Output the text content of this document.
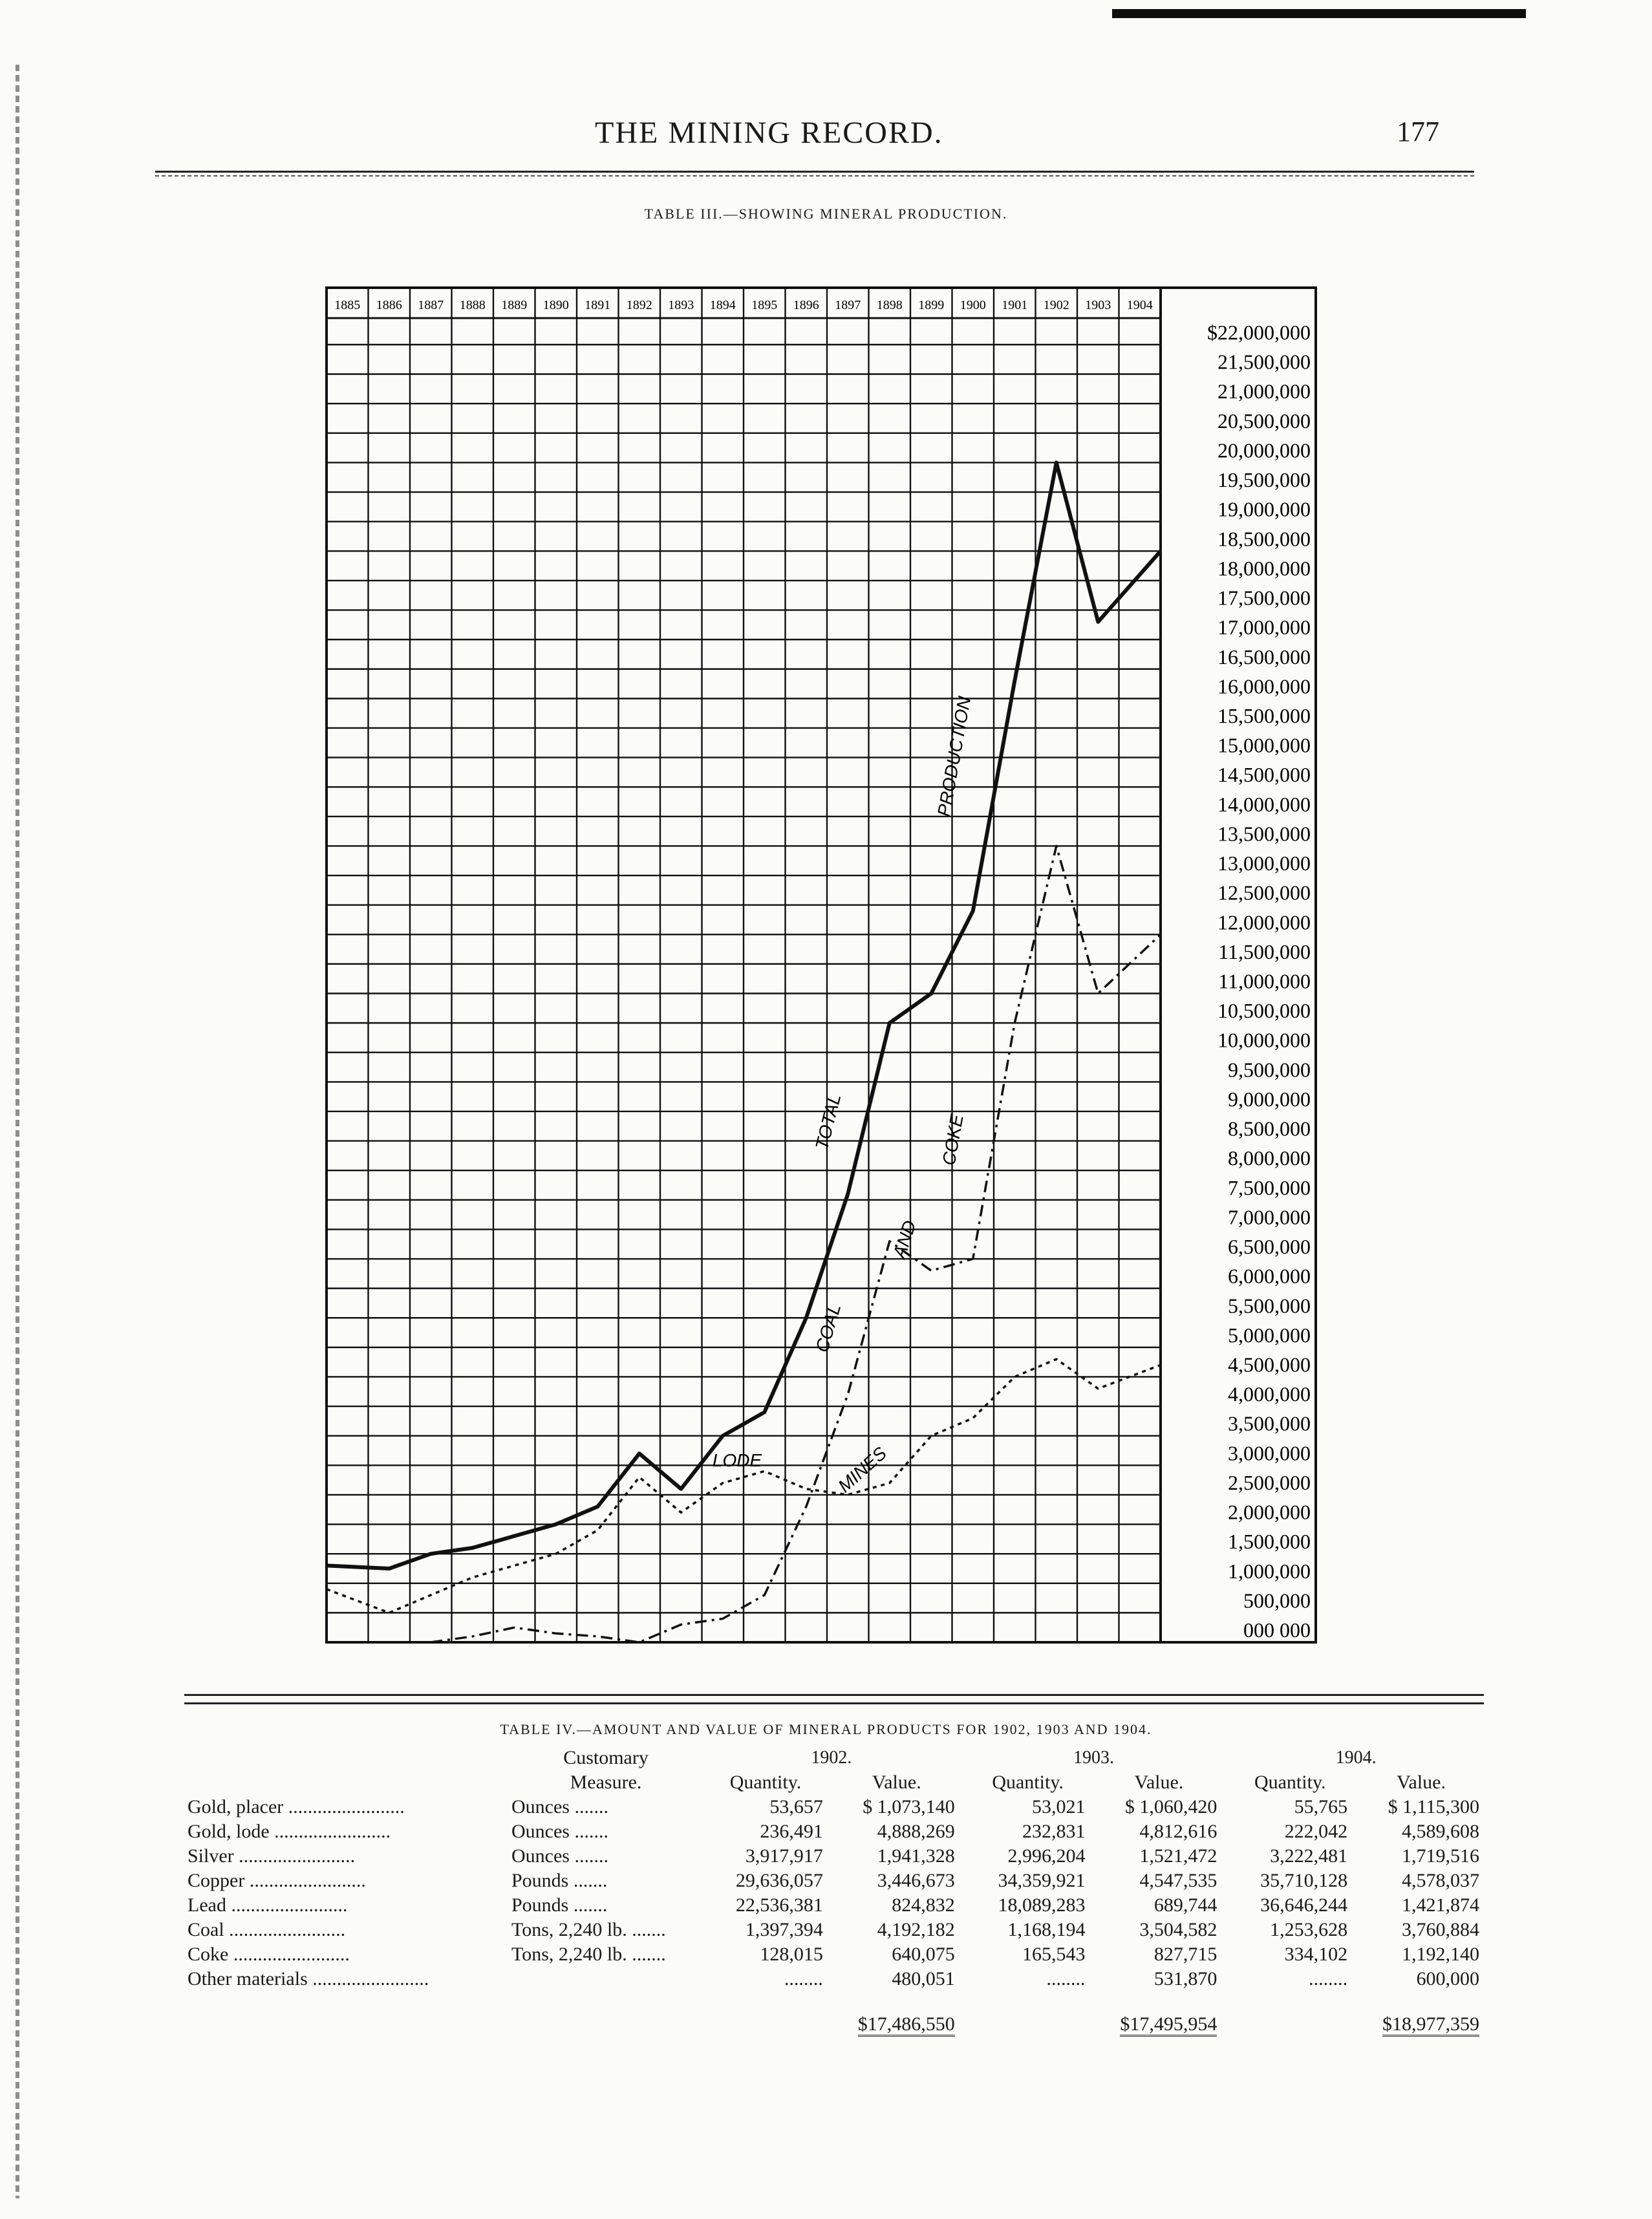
THE MINING RECORD.	177
TABLE III.—SHOWING MINERAL PRODUCTION.
1885 1886 1887 1888 1889 1890 1891 1892 1893 1894 1895 1896 1897 1898 1899 1900 1901 1902 1903 1904
000 000
500,000
1,000,000
1,500,000
2,000,000
2,500,000
3,000,000
3,500,000
4,000,000
4,500,000
5,000,000
5,500,000
6,000,000
6,500,000
7,000,000
7,500,000
8,000,000
8,500,000
9,000,000
9,500,000
10,000,000
10,500,000
11,000,000
11,500,000
12,000,000
12,500,000
13,000,000
13,500,000
14,000,000
14,500,000
15,000,000
15,500,000
16,000,000
16,500,000
17,000,000
17,500,000
18,000,000
18,500,000
19,000,000
19,500,000
20,000,000
20,500,000
21,000,000
21,500,000
$22,000,000
TOTAL
PRODUCTION
COAL
AND
COKE
LODE	MINES
TABLE IV.—AMOUNT AND VALUE OF MINERAL PRODUCTS FOR 1902, 1903 AND 1904.
	Customary	1902.		1903.		1904.	
	Measure.	Quantity.	Value.	Quantity.	Value.	Quantity.	Value.
Gold, placer ........................	Ounces .......	53,657	$ 1,073,140	53,021	$ 1,060,420	55,765	$ 1,115,300
Gold, lode ........................	Ounces .......	236,491	4,888,269	232,831	4,812,616	222,042	4,589,608
Silver ........................	Ounces .......	3,917,917	1,941,328	2,996,204	1,521,472	3,222,481	1,719,516
Copper ........................	Pounds .......	29,636,057	3,446,673	34,359,921	4,547,535	35,710,128	4,578,037
Lead ........................	Pounds .......	22,536,381	824,832	18,089,283	689,744	36,646,244	1,421,874
Coal ........................	Tons, 2,240 lb. .......	1,397,394	4,192,182	1,168,194	3,504,582	1,253,628	3,760,884
Coke ........................	Tons, 2,240 lb. .......	128,015	640,075	165,543	827,715	334,102	1,192,140
Other materials ........................		........	480,051	........	531,870	........	600,000
			$17,486,550		$17,495,954		$18,977,359
